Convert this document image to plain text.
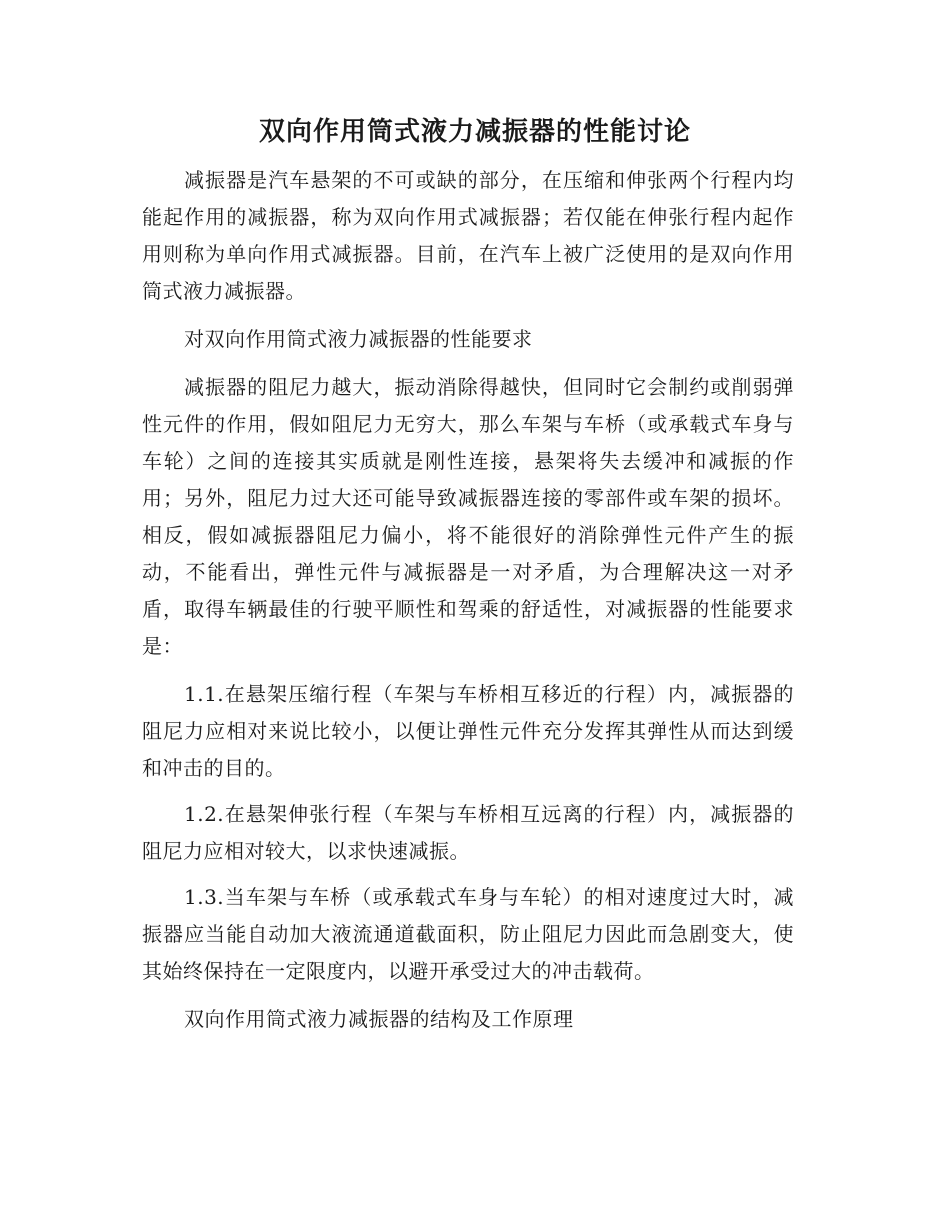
双向作用筒式液力减振器的性能讨论

减振器是汽车悬架的不可或缺的部分，在压缩和伸张两个行程内均能起作用的减振器，称为双向作用式减振器；若仅能在伸张行程内起作用则称为单向作用式减振器。目前，在汽车上被广泛使用的是双向作用筒式液力减振器。

对双向作用筒式液力减振器的性能要求

减振器的阻尼力越大，振动消除得越快，但同时它会制约或削弱弹性元件的作用，假如阻尼力无穷大，那么车架与车桥（或承载式车身与车轮）之间的连接其实质就是刚性连接，悬架将失去缓冲和减振的作用；另外，阻尼力过大还可能导致减振器连接的零部件或车架的损坏。相反，假如减振器阻尼力偏小，将不能很好的消除弹性元件产生的振动，不能看出，弹性元件与减振器是一对矛盾，为合理解决这一对矛盾，取得车辆最佳的行驶平顺性和驾乘的舒适性，对减振器的性能要求是：

1.1.在悬架压缩行程（车架与车桥相互移近的行程）内，减振器的阻尼力应相对来说比较小，以便让弹性元件充分发挥其弹性从而达到缓和冲击的目的。

1.2.在悬架伸张行程（车架与车桥相互远离的行程）内，减振器的阻尼力应相对较大，以求快速减振。

1.3.当车架与车桥（或承载式车身与车轮）的相对速度过大时，减振器应当能自动加大液流通道截面积，防止阻尼力因此而急剧变大，使其始终保持在一定限度内，以避开承受过大的冲击载荷。

双向作用筒式液力减振器的结构及工作原理
